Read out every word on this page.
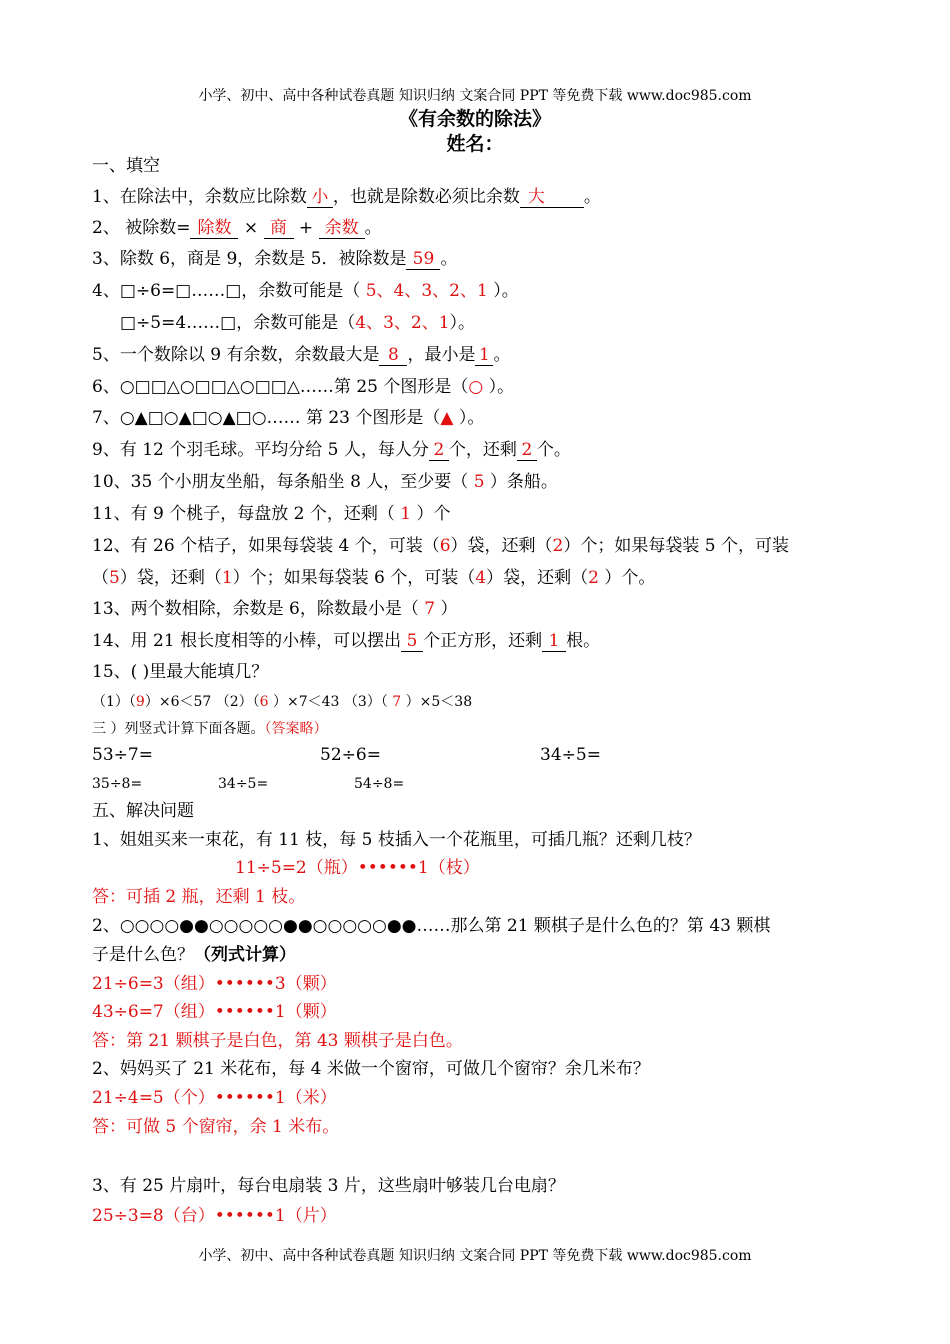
小学、初中、高中各种试卷真题 知识归纳 文案合同 PPT 等免费下载 www.doc985.com
《有余数的除法》
姓名：
一、填空
1、在除法中，余数应比除数 小 ，也就是除数必须比余数 大 。
2、 被除数= 除数 × 商 + 余数 。
3、除数 6，商是 9，余数是 5．被除数是 59 。
4、□÷6=□……□，余数可能是（ 5、4、3、2、1 ）。
□÷5=4……□，余数可能是（4、3、2、1）。
5、一个数除以 9 有余数，余数最大是 8 ，最小是 1 。
6、○□□△○□□△○□□△……第 25 个图形是（○ ）。
7、○▲□○▲□○▲□○…… 第 23 个图形是（▲ ）。
9、有 12 个羽毛球。平均分给 5 人，每人分 2 个，还剩 2 个。
10、35 个小朋友坐船，每条船坐 8 人，至少要（ 5 ）条船。
11、有 9 个桃子，每盘放 2 个，还剩（ 1 ）个
12、有 26 个桔子，如果每袋装 4 个，可装（6）袋，还剩（2）个；如果每袋装 5 个，可装
（5）袋，还剩（1）个；如果每袋装 6 个，可装（4）袋，还剩（2 ）个。
13、两个数相除，余数是 6，除数最小是（ 7 ）
14、用 21 根长度相等的小棒，可以摆出 5 个正方形，还剩 1 根。
15、( )里最大能填几？
（1）（9）×6＜57 （2）（6 ）×7＜43 （3）（ 7 ）×5＜38
三 ）列竖式计算下面各题。（答案略）
53÷7=	52÷6=	34÷5=
35÷8=	34÷5=	54÷8=
五、解决问题
1、姐姐买来一束花，有 11 枝，每 5 枝插入一个花瓶里，可插几瓶？还剩几枝？
11÷5=2（瓶）••••••1（枝）
答：可插 2 瓶，还剩 1 枝。
2、○○○○●●○○○○○●●○○○○○●●……那么第 21 颗棋子是什么色的？第 43 颗棋
子是什么色？（列式计算）
21÷6=3（组）••••••3（颗）
43÷6=7（组）••••••1（颗）
答：第 21 颗棋子是白色，第 43 颗棋子是白色。
2、妈妈买了 21 米花布，每 4 米做一个窗帘，可做几个窗帘？余几米布？
21÷4=5（个）••••••1（米）
答：可做 5 个窗帘，余 1 米布。
3、有 25 片扇叶，每台电扇装 3 片，这些扇叶够装几台电扇？
25÷3=8（台）••••••1（片）
小学、初中、高中各种试卷真题 知识归纳 文案合同 PPT 等免费下载 www.doc985.com
